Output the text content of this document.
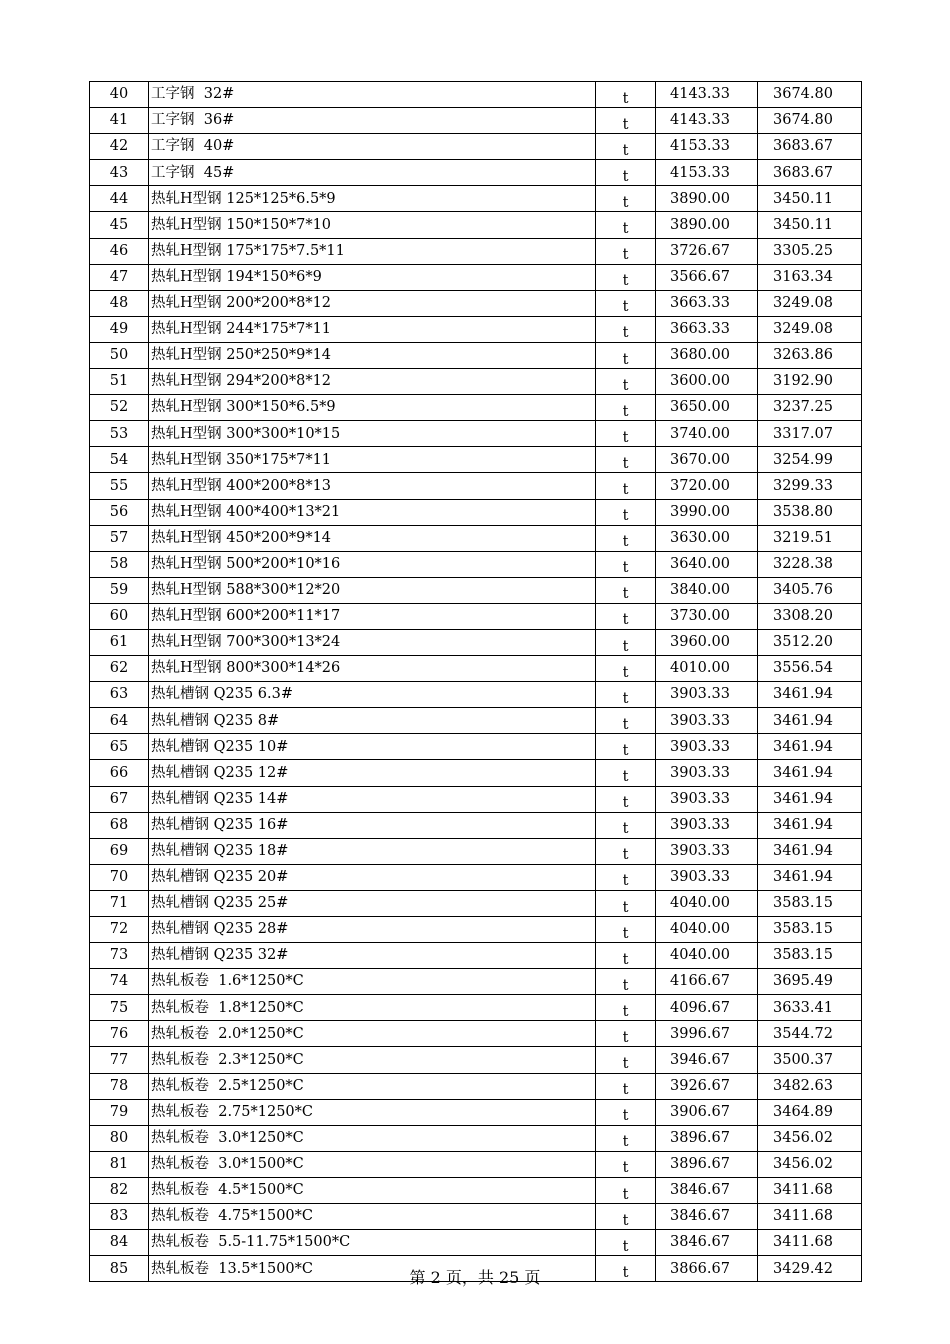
40	工字钢  32#	t	4143.33	3674.80
41	工字钢  36#	t	4143.33	3674.80
42	工字钢  40#	t	4153.33	3683.67
43	工字钢  45#	t	4153.33	3683.67
44	热轧H型钢 125*125*6.5*9	t	3890.00	3450.11
45	热轧H型钢 150*150*7*10	t	3890.00	3450.11
46	热轧H型钢 175*175*7.5*11	t	3726.67	3305.25
47	热轧H型钢 194*150*6*9	t	3566.67	3163.34
48	热轧H型钢 200*200*8*12	t	3663.33	3249.08
49	热轧H型钢 244*175*7*11	t	3663.33	3249.08
50	热轧H型钢 250*250*9*14	t	3680.00	3263.86
51	热轧H型钢 294*200*8*12	t	3600.00	3192.90
52	热轧H型钢 300*150*6.5*9	t	3650.00	3237.25
53	热轧H型钢 300*300*10*15	t	3740.00	3317.07
54	热轧H型钢 350*175*7*11	t	3670.00	3254.99
55	热轧H型钢 400*200*8*13	t	3720.00	3299.33
56	热轧H型钢 400*400*13*21	t	3990.00	3538.80
57	热轧H型钢 450*200*9*14	t	3630.00	3219.51
58	热轧H型钢 500*200*10*16	t	3640.00	3228.38
59	热轧H型钢 588*300*12*20	t	3840.00	3405.76
60	热轧H型钢 600*200*11*17	t	3730.00	3308.20
61	热轧H型钢 700*300*13*24	t	3960.00	3512.20
62	热轧H型钢 800*300*14*26	t	4010.00	3556.54
63	热轧槽钢 Q235 6.3#	t	3903.33	3461.94
64	热轧槽钢 Q235 8#	t	3903.33	3461.94
65	热轧槽钢 Q235 10#	t	3903.33	3461.94
66	热轧槽钢 Q235 12#	t	3903.33	3461.94
67	热轧槽钢 Q235 14#	t	3903.33	3461.94
68	热轧槽钢 Q235 16#	t	3903.33	3461.94
69	热轧槽钢 Q235 18#	t	3903.33	3461.94
70	热轧槽钢 Q235 20#	t	3903.33	3461.94
71	热轧槽钢 Q235 25#	t	4040.00	3583.15
72	热轧槽钢 Q235 28#	t	4040.00	3583.15
73	热轧槽钢 Q235 32#	t	4040.00	3583.15
74	热轧板卷  1.6*1250*C	t	4166.67	3695.49
75	热轧板卷  1.8*1250*C	t	4096.67	3633.41
76	热轧板卷  2.0*1250*C	t	3996.67	3544.72
77	热轧板卷  2.3*1250*C	t	3946.67	3500.37
78	热轧板卷  2.5*1250*C	t	3926.67	3482.63
79	热轧板卷  2.75*1250*C	t	3906.67	3464.89
80	热轧板卷  3.0*1250*C	t	3896.67	3456.02
81	热轧板卷  3.0*1500*C	t	3896.67	3456.02
82	热轧板卷  4.5*1500*C	t	3846.67	3411.68
83	热轧板卷  4.75*1500*C	t	3846.67	3411.68
84	热轧板卷  5.5-11.75*1500*C	t	3846.67	3411.68
85	热轧板卷  13.5*1500*C	t	3866.67	3429.42
第 2 页，共 25 页
